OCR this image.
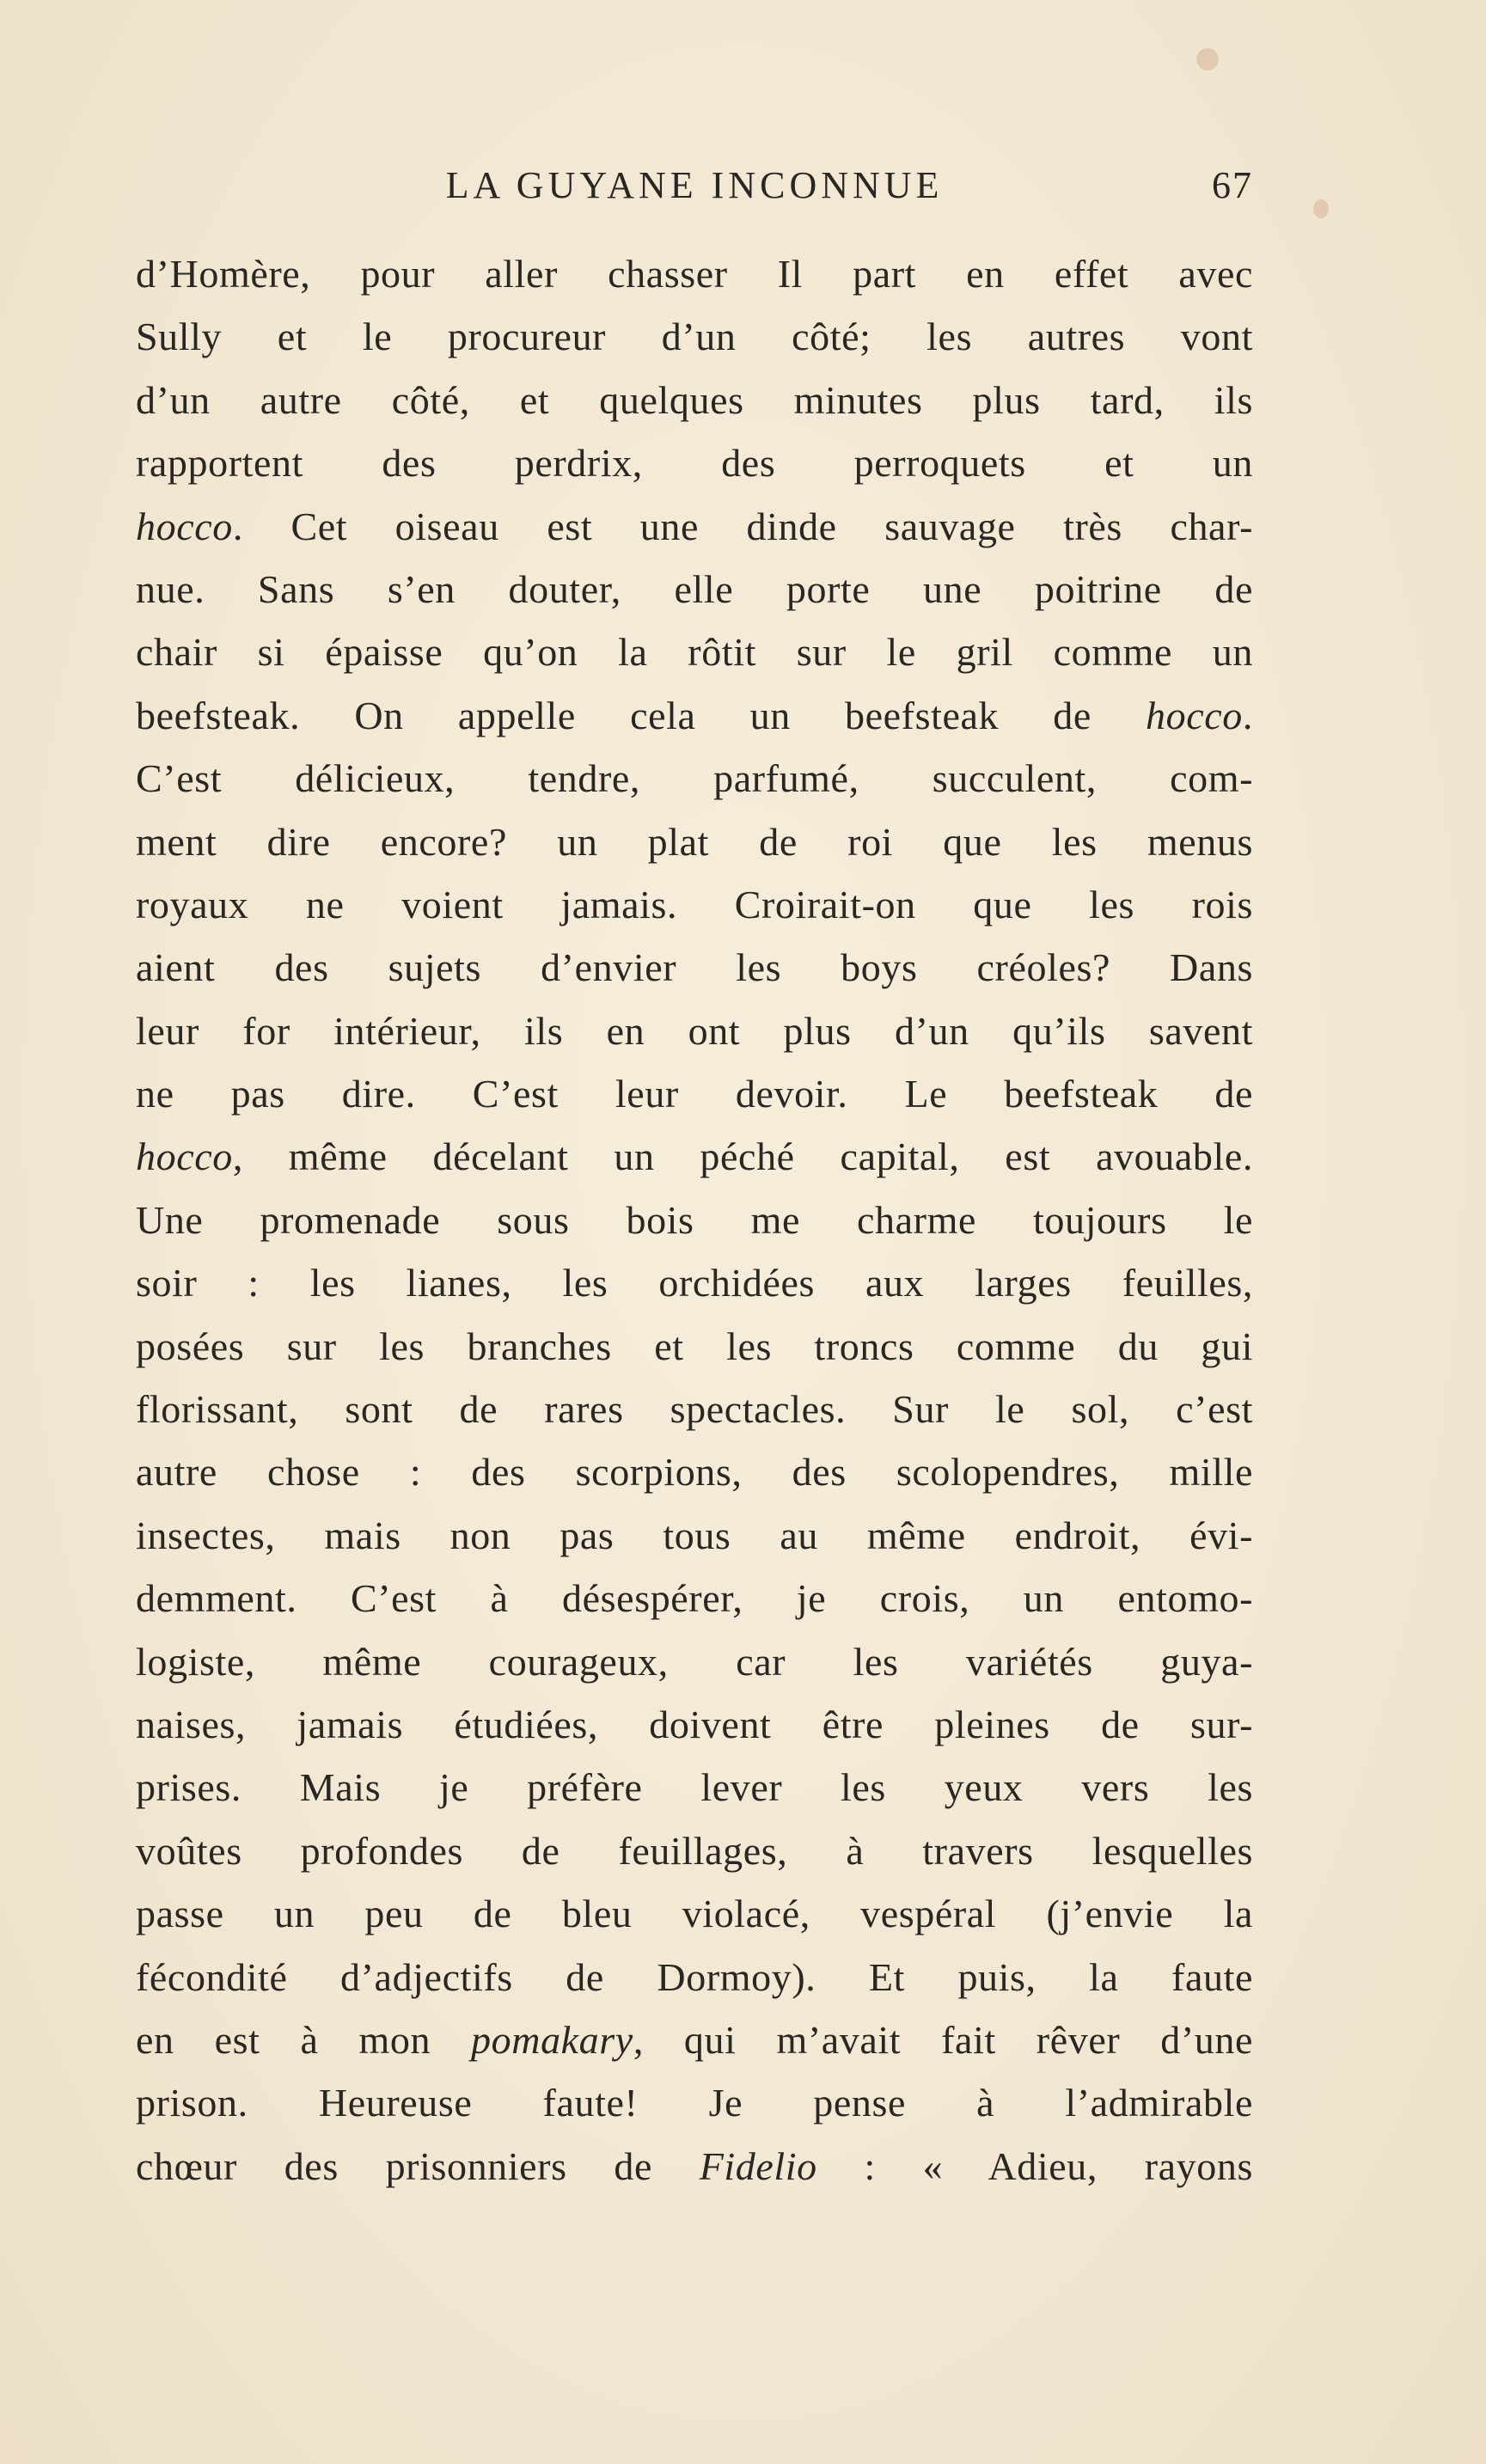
LA GUYANE INCONNUE	67
d’Homère, pour aller chasser Il part en effet avec
Sully et le procureur d’un côté; les autres vont
d’un autre côté, et quelques minutes plus tard, ils
rapportent des perdrix, des perroquets et un
hocco. Cet oiseau est une dinde sauvage très char-
nue. Sans s’en douter, elle porte une poitrine de
chair si épaisse qu’on la rôtit sur le gril comme un
beefsteak. On appelle cela un beefsteak de hocco.
C’est délicieux, tendre, parfumé, succulent, com-
ment dire encore? un plat de roi que les menus
royaux ne voient jamais. Croirait-on que les rois
aient des sujets d’envier les boys créoles? Dans
leur for intérieur, ils en ont plus d’un qu’ils savent
ne pas dire. C’est leur devoir. Le beefsteak de
hocco, même décelant un péché capital, est avouable.
Une promenade sous bois me charme toujours le
soir : les lianes, les orchidées aux larges feuilles,
posées sur les branches et les troncs comme du gui
florissant, sont de rares spectacles. Sur le sol, c’est
autre chose : des scorpions, des scolopendres, mille
insectes, mais non pas tous au même endroit, évi-
demment. C’est à désespérer, je crois, un entomo-
logiste, même courageux, car les variétés guya-
naises, jamais étudiées, doivent être pleines de sur-
prises. Mais je préfère lever les yeux vers les
voûtes profondes de feuillages, à travers lesquelles
passe un peu de bleu violacé, vespéral (j’envie la
fécondité d’adjectifs de Dormoy). Et puis, la faute
en est à mon pomakary, qui m’avait fait rêver d’une
prison. Heureuse faute! Je pense à l’admirable
chœur des prisonniers de Fidelio : « Adieu, rayons
